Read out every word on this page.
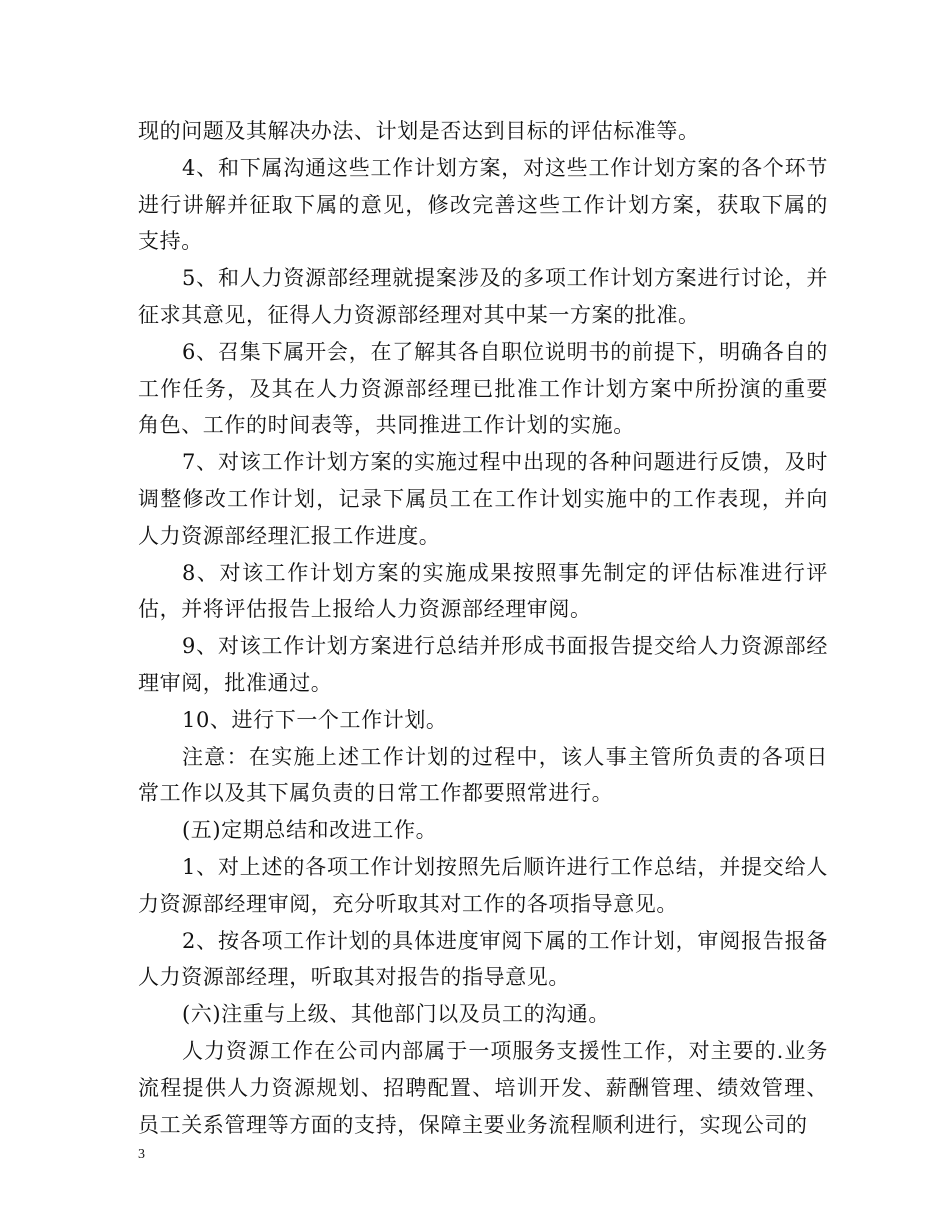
现的问题及其解决办法、计划是否达到目标的评估标准等。

4、和下属沟通这些工作计划方案，对这些工作计划方案的各个环节进行讲解并征取下属的意见，修改完善这些工作计划方案，获取下属的支持。

5、和人力资源部经理就提案涉及的多项工作计划方案进行讨论，并征求其意见，征得人力资源部经理对其中某一方案的批准。

6、召集下属开会，在了解其各自职位说明书的前提下，明确各自的工作任务，及其在人力资源部经理已批准工作计划方案中所扮演的重要角色、工作的时间表等，共同推进工作计划的实施。

7、对该工作计划方案的实施过程中出现的各种问题进行反馈，及时调整修改工作计划，记录下属员工在工作计划实施中的工作表现，并向人力资源部经理汇报工作进度。

8、对该工作计划方案的实施成果按照事先制定的评估标准进行评估，并将评估报告上报给人力资源部经理审阅。

9、对该工作计划方案进行总结并形成书面报告提交给人力资源部经理审阅，批准通过。

10、进行下一个工作计划。

注意：在实施上述工作计划的过程中，该人事主管所负责的各项日常工作以及其下属负责的日常工作都要照常进行。

(五)定期总结和改进工作。

1、对上述的各项工作计划按照先后顺许进行工作总结，并提交给人力资源部经理审阅，充分听取其对工作的各项指导意见。

2、按各项工作计划的具体进度审阅下属的工作计划，审阅报告报备人力资源部经理，听取其对报告的指导意见。

(六)注重与上级、其他部门以及员工的沟通。

人力资源工作在公司内部属于一项服务支援性工作，对主要的.业务流程提供人力资源规划、招聘配置、培训开发、薪酬管理、绩效管理、员工关系管理等方面的支持，保障主要业务流程顺利进行，实现公司的

3
